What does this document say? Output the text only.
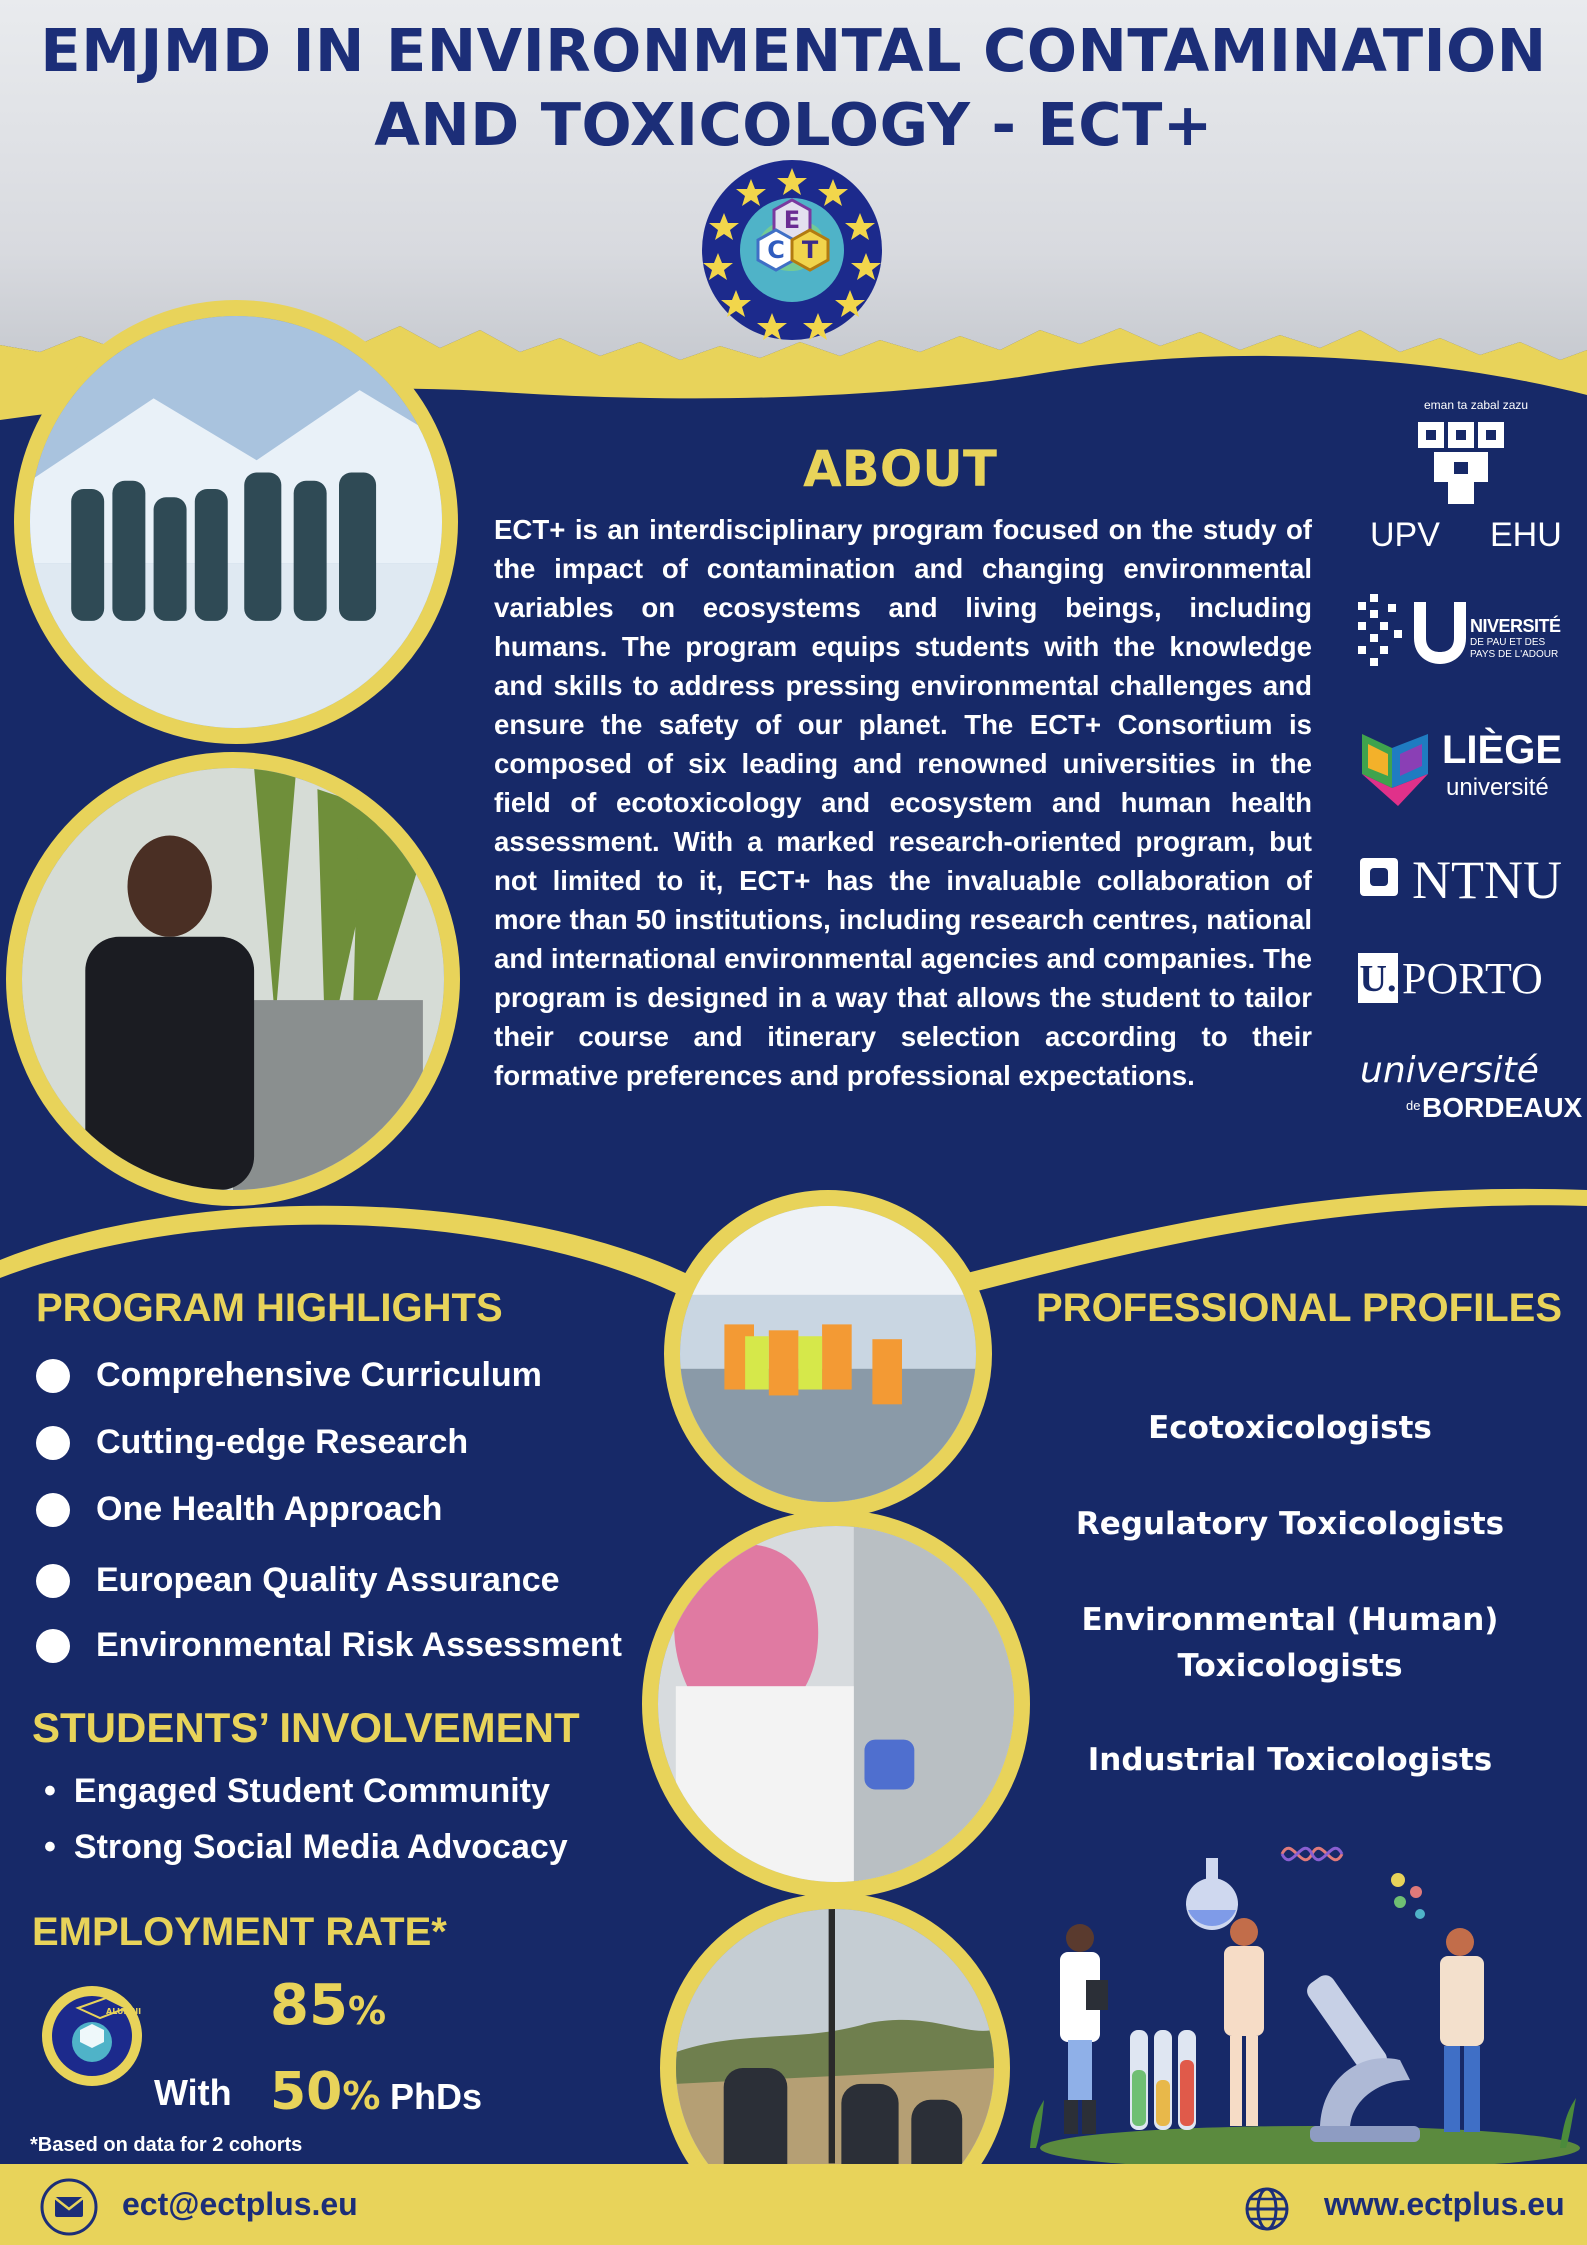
EMJMD IN ENVIRONMENTAL CONTAMINATION
AND TOXICOLOGY - ECT+
E
C T
ABOUT

ECT+ is an interdisciplinary program focused on the study of the impact of contamination and changing environmental variables on ecosystems and living beings, including humans. The program equips students with the knowledge and skills to address pressing environmental challenges and ensure the safety of our planet. The ECT+ Consortium is composed of six leading and renowned universities in the field of ecotoxicology and ecosystem and human health assessment. With a marked research-oriented program, but not limited to it, ECT+ has the invaluable collaboration of more than 50 institutions, including research centres, national and international environmental agencies and companies. The program is designed in a way that allows the student to tailor their course and itinerary selection according to their formative preferences and professional expectations.

eman ta zabal zazu
UPV EHU
NIVERSITÉ
DE PAU ET DES
PAYS DE L'ADOUR
LIÈGE
université
NTNU
U. PORTO
université
de BORDEAUX
PROGRAM HIGHLIGHTS
Comprehensive Curriculum
Cutting-edge Research
One Health Approach
European Quality Assurance
Environmental Risk Assessment
PROFESSIONAL PROFILES
Ecotoxicologists
Regulatory Toxicologists
Environmental (Human)
Toxicologists
Industrial Toxicologists
STUDENTS’ INVOLVEMENT
• Engaged Student Community
• Strong Social Media Advocacy
EMPLOYMENT RATE*
ALUMNI 85%
With 50% PhDs
*Based on data for 2 cohorts
ect@ectplus.eu	www.ectplus.eu
